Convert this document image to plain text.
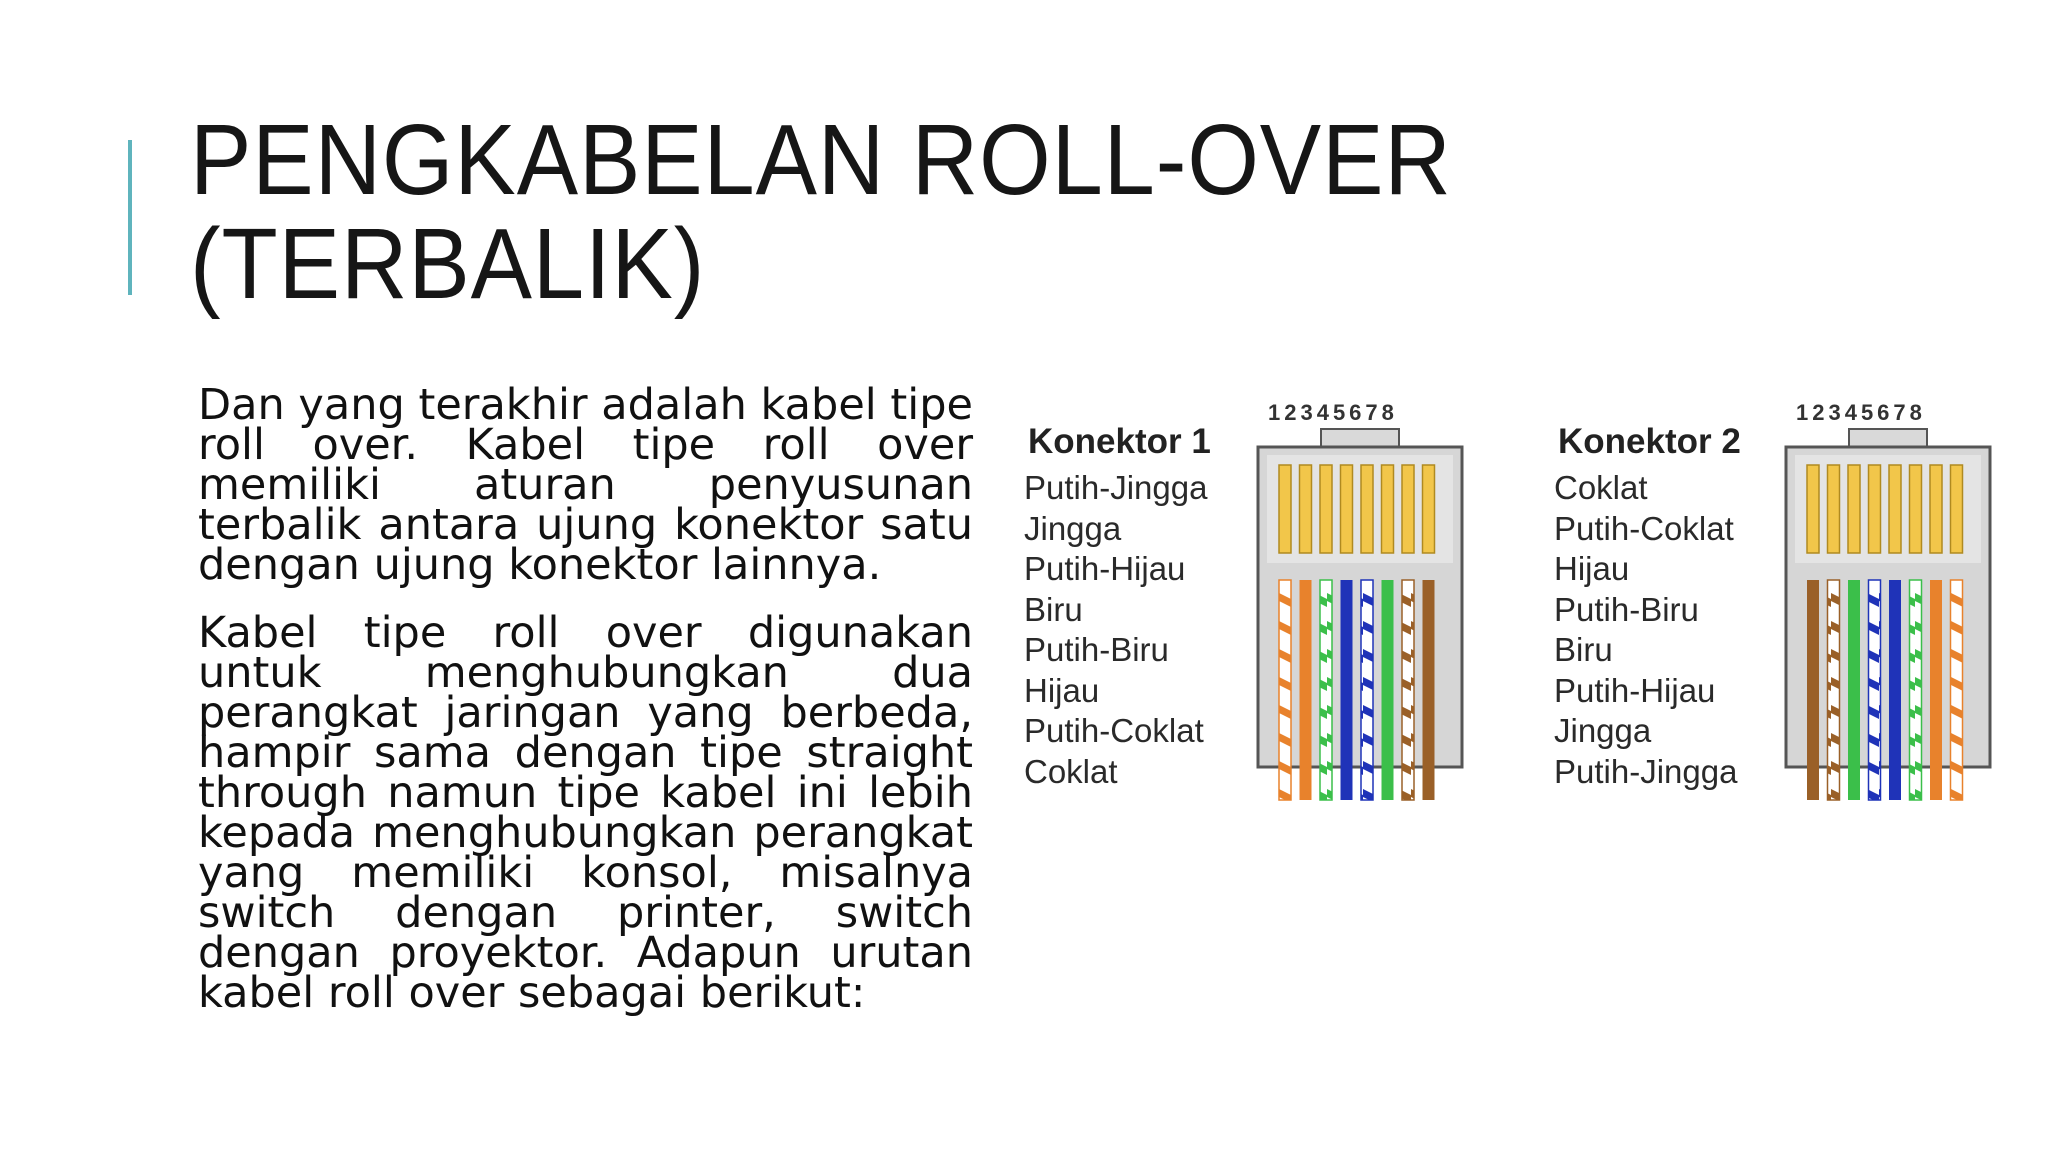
PENGKABELAN ROLL-OVER
(TERBALIK)

Dan yang terakhir adalah kabel tipe roll over. Kabel tipe roll over memiliki aturan penyusunan terbalik antara ujung konektor satu dengan ujung konektor lainnya.

Kabel tipe roll over digunakan untuk menghubungkan dua perangkat jaringan yang berbeda, hampir sama dengan tipe straight through namun tipe kabel ini lebih kepada menghubungkan perangkat yang memiliki konsol, misalnya switch dengan printer, switch dengan proyektor. Adapun urutan kabel roll over sebagai berikut:

Konektor 1
Putih-Jingga
Jingga
Putih-Hijau
Biru
Putih-Biru
Hijau
Putih-Coklat
Coklat
12345678
Konektor 2
Coklat
Putih-Coklat
Hijau
Putih-Biru
Biru
Putih-Hijau
Jingga
Putih-Jingga
12345678
